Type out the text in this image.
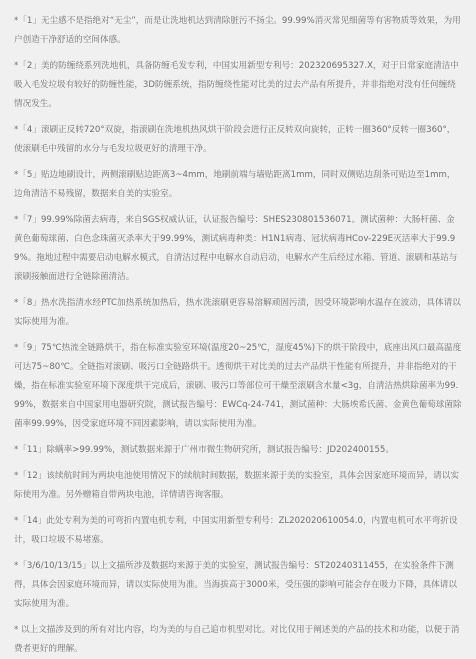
*「1」无尘感不是指绝对“无尘”，而是让洗地机达到清除脏污不扬尘。99.99%消灭常见细菌等有害物质等效果，为用户创造干净舒适的空间体感。

*「2」美的防缠绕系列洗地机，具备防缠毛发专利，中国实用新型专利号：202320695327.X，对于日常家庭清洁中吸入毛发垃圾有较好的防缠性能，3D防缠系统，指防缠绕性能对比美的过去产品有所提升，并非指绝对没有任何缠绕情况发生。

*「4」滚刷正反转720°双旋，指滚刷在洗地机热风烘干阶段会进行正反转双向旋转，正转一圈360°反转一圈360°，使滚刷毛中残留的水分与毛发垃圾更好的清理干净。

*「5」贴边地刷设计，两侧滚刷贴边距离3~4mm，地刷前端与墙贴距离1mm，同时双侧贴边刮条可贴边至1mm，边角清洁不易残留，数据来自美的实验室。

*「7」99.99%除菌去病毒，来自SGS权威认证，认证报告编号：SHES230801536071。测试菌种：大肠杆菌、金黄色葡萄球菌、白色念珠菌灭杀率大于99.99%，测试病毒种类：H1N1病毒、冠状病毒HCov-229E灭活率大于99.99%。拖地过程中需要启动电解水模式，自清洁过程中电解水自动启动，电解水产生后经过水箱、管道、滚刷和基站与滚刷接触面进行全链除菌清洁。

*「8」热水洗指清水经PTC加热系统加热后，热水洗滚刷更容易溶解顽固污渍，因受环境影响水温存在波动，具体请以实际使用为准。

*「9」75℃热流全链路烘干，指在标准实验室环境(温度20~25℃，湿度45%)下的烘干阶段中，底座出风口最高温度可达75~80℃。全链指对滚刷、吸污口全链路烘干。透彻烘干对比美的过去产品烘干性能有所提升，并非指绝对的干燥，指在标准实验室环境下深度烘干完成后，滚刷、吸污口等部位可干燥至滚刷含水量<3g，自清洁热烘除菌率为99.99%，数据来自中国家用电器研究院，测试报告编号：EWCq-24-741，测试菌种：大肠埃希氏菌、金黄色葡萄球菌除菌率99.99%，因受家庭环境不同因素影响，请以实际使用为准。

*「11」除螨率>99.99%，测试数据来源于广州市微生物研究所，测试报告编号：JD202400155。

*「12」该续航时间为两块电池使用情况下的续航时间数据，数据来源于美的实验室，具体会因家庭环境而异，请以实际使用为准。另外赠箱自带两块电池，详情请咨询客服。

*「14」此处专利为美的可弯折内置电机专利，中国实用新型专利号：ZL202020610054.0，内置电机可水平弯折设计，吸口垃圾不易堵塞。

*「3/6/10/13/15」以上文描所涉及数据均来源于美的实验室，测试报告编号：ST20240311455，在实验条件下测得，具体会因家庭环境而异，请以实际使用为准。当海拔高于3000米，受压强的影响可能会存在吸力下降，具体请以实际使用为准。

* 以上文描涉及到的所有对比内容，均为美的与自己追市机型对比。对比仅用于阐述美的产品的技术和功能，以便于消费者更好的理解。
